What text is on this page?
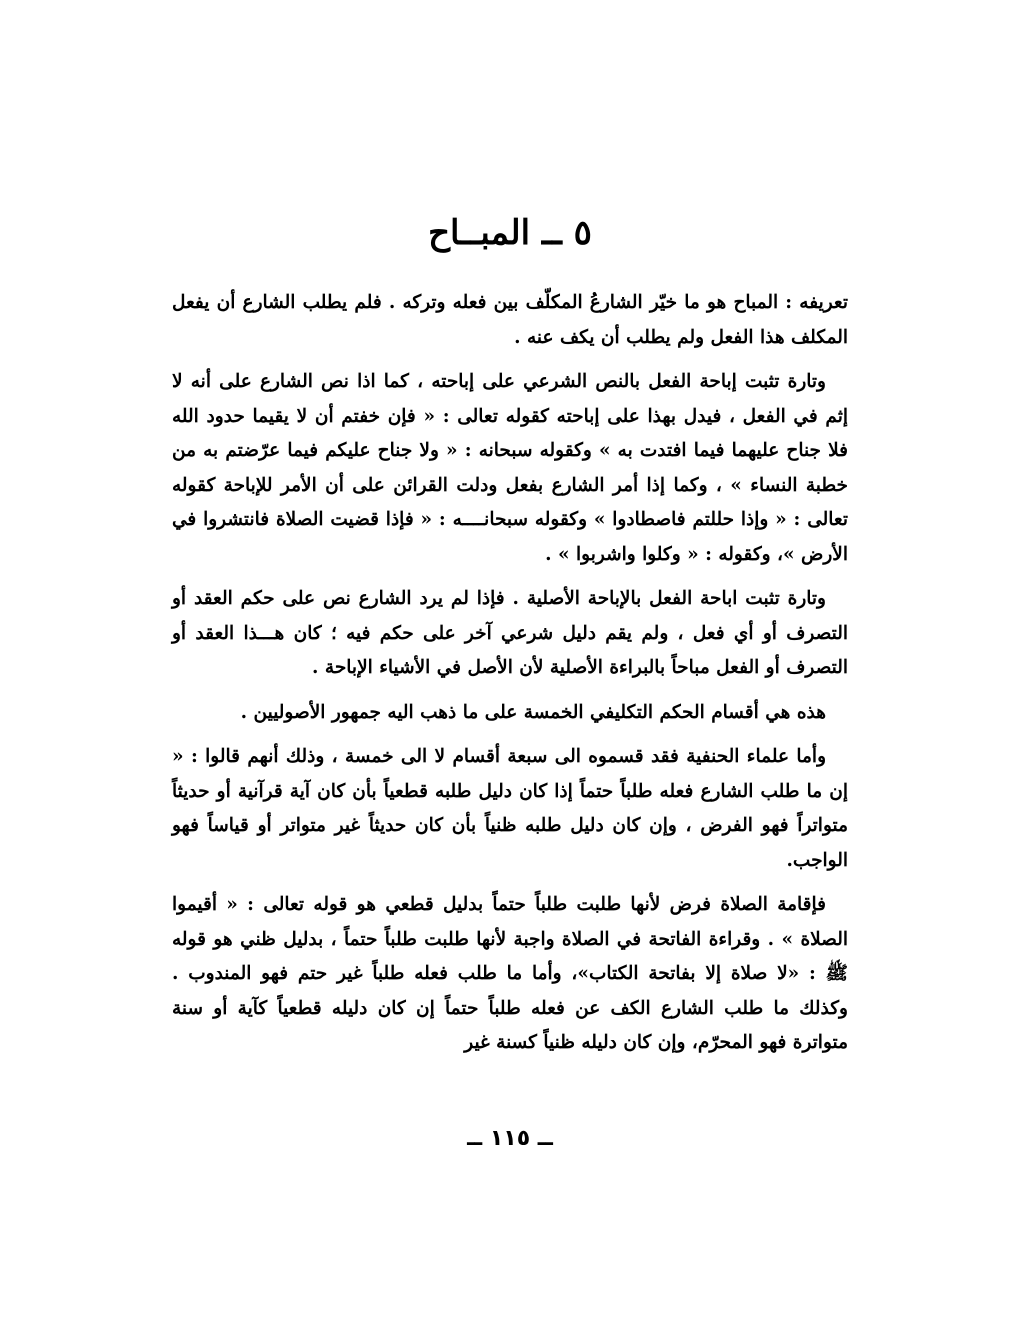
٥ ــ المبــاح

تعريفه : المباح هو ما خيّر الشارعُ المكلّف بين فعله وتركه . فلم يطلب الشارع أن يفعل المكلف هذا الفعل ولم يطلب أن يكف عنه .

وتارة تثبت إباحة الفعل بالنص الشرعي على إباحته ، كما اذا نص الشارع على أنه لا إثم في الفعل ، فيدل بهذا على إباحته كقوله تعالى : « فإن خفتم أن لا يقيما حدود الله فلا جناح عليهما فيما افتدت به » وكقوله سبحانه : « ولا جناح عليكم فيما عرّضتم به من خطبة النساء » ، وكما إذا أمر الشارع بفعل ودلت القرائن على أن الأمر للإباحة كقوله تعالى : « وإذا حللتم فاصطادوا » وكقوله سبحانــــه : « فإذا قضيت الصلاة فانتشروا في الأرض »، وكقوله : « وكلوا واشربوا » .

وتارة تثبت اباحة الفعل بالإباحة الأصلية . فإذا لم يرد الشارع نص على حكم العقد أو التصرف أو أي فعل ، ولم يقم دليل شرعي آخر على حكم فيه ؛ كان هـــذا العقد أو التصرف أو الفعل مباحاً بالبراءة الأصلية لأن الأصل في الأشياء الإباحة .

هذه هي أقسام الحكم التكليفي الخمسة على ما ذهب اليه جمهور الأصوليين .

وأما علماء الحنفية فقد قسموه الى سبعة أقسام لا الى خمسة ، وذلك أنهم قالوا : « إن ما طلب الشارع فعله طلباً حتماً إذا كان دليل طلبه قطعياً بأن كان آية قرآنية أو حديثاً متواتراً فهو الفرض ، وإن كان دليل طلبه ظنياً بأن كان حديثاً غير متواتر أو قياساً فهو الواجب.

فإقامة الصلاة فرض لأنها طلبت طلباً حتماً بدليل قطعي هو قوله تعالى : « أقيموا الصلاة » . وقراءة الفاتحة في الصلاة واجبة لأنها طلبت طلباً حتماً ، بدليل ظني هو قوله ﷺ : «لا صلاة إلا بفاتحة الكتاب»، وأما ما طلب فعله طلباً غير حتم فهو المندوب . وكذلك ما طلب الشارع الكف عن فعله طلباً حتماً إن كان دليله قطعياً كآية أو سنة متواترة فهو المحرّم، وإن كان دليله ظنياً كسنة غير

ــ ١١٥ ــ
